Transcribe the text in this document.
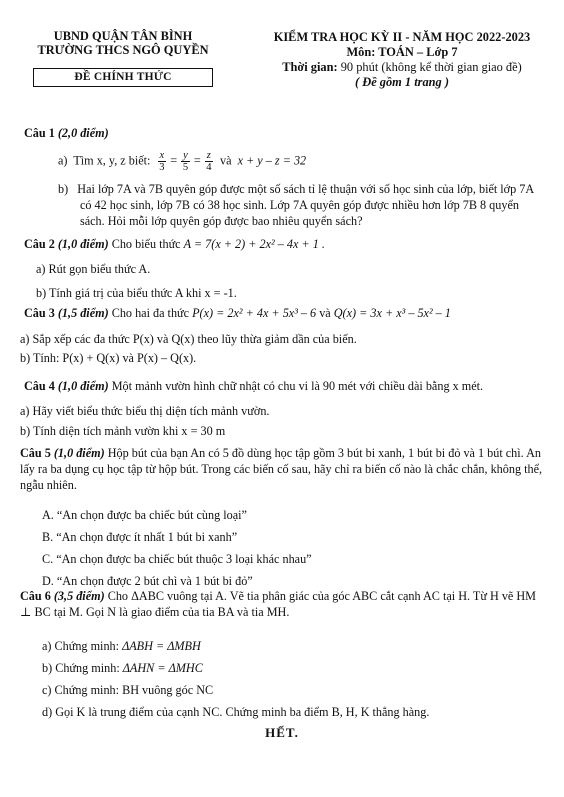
UBND QUẬN TÂN BÌNH
TRƯỜNG THCS NGÔ QUYỀN
ĐỀ CHÍNH THỨC
KIỂM TRA HỌC KỲ II - NĂM HỌC 2022-2023
Môn: TOÁN – Lớp 7
Thời gian: 90 phút (không kể thời gian giao đề)
( Đề gồm 1 trang )

Câu 1 (2,0 điểm)

a) Tìm x, y, z biết: $\frac{x}{3} = \frac{y}{5} = \frac{z}{4}$ và x + y – z = 32

b) Hai lớp 7A và 7B quyên góp được một số sách tỉ lệ thuận với số học sinh của lớp, biết lớp 7A có 42 học sinh, lớp 7B có 38 học sinh. Lớp 7A quyên góp được nhiều hơn lớp 7B 8 quyển sách. Hỏi mỗi lớp quyên góp được bao nhiêu quyển sách?

Câu 2 (1,0 điểm) Cho biểu thức A = 7(x + 2) + 2x² – 4x + 1 .

a) Rút gọn biểu thức A.

b) Tính giá trị của biểu thức A khi x = -1.

Câu 3 (1,5 điểm) Cho hai đa thức P(x) = 2x² + 4x + 5x³ – 6 và Q(x) = 3x + x³ – 5x² – 1

a) Sắp xếp các đa thức P(x) và Q(x) theo lũy thừa giảm dần của biến.

b) Tính: P(x) + Q(x) và P(x) – Q(x).

Câu 4 (1,0 điểm) Một mảnh vườn hình chữ nhật có chu vi là 90 mét với chiều dài bằng x mét.

a) Hãy viết biểu thức biểu thị diện tích mảnh vườn.

b) Tính diện tích mảnh vườn khi x = 30 m

Câu 5 (1,0 điểm) Hộp bút của bạn An có 5 đồ dùng học tập gồm 3 bút bi xanh, 1 bút bi đỏ và 1 bút chì. An lấy ra ba dụng cụ học tập từ hộp bút. Trong các biến cố sau, hãy chỉ ra biến cố nào là chắc chắn, không thể, ngẫu nhiên.

A. “An chọn được ba chiếc bút cùng loại”

B. “An chọn được ít nhất 1 bút bi xanh”

C. “An chọn được ba chiếc bút thuộc 3 loại khác nhau”

D. “An chọn được 2 bút chì và 1 bút bi đỏ”

Câu 6 (3,5 điểm) Cho ΔABC vuông tại A. Vẽ tia phân giác của góc ABC cắt cạnh AC tại H. Từ H vẽ HM ⊥ BC tại M. Gọi N là giao điểm của tia BA và tia MH.

a) Chứng minh: ΔABH = ΔMBH

b) Chứng minh: ΔAHN = ΔMHC

c) Chứng minh: BH vuông góc NC

d) Gọi K là trung điểm của cạnh NC. Chứng minh ba điểm B, H, K thẳng hàng.

HẾT.
